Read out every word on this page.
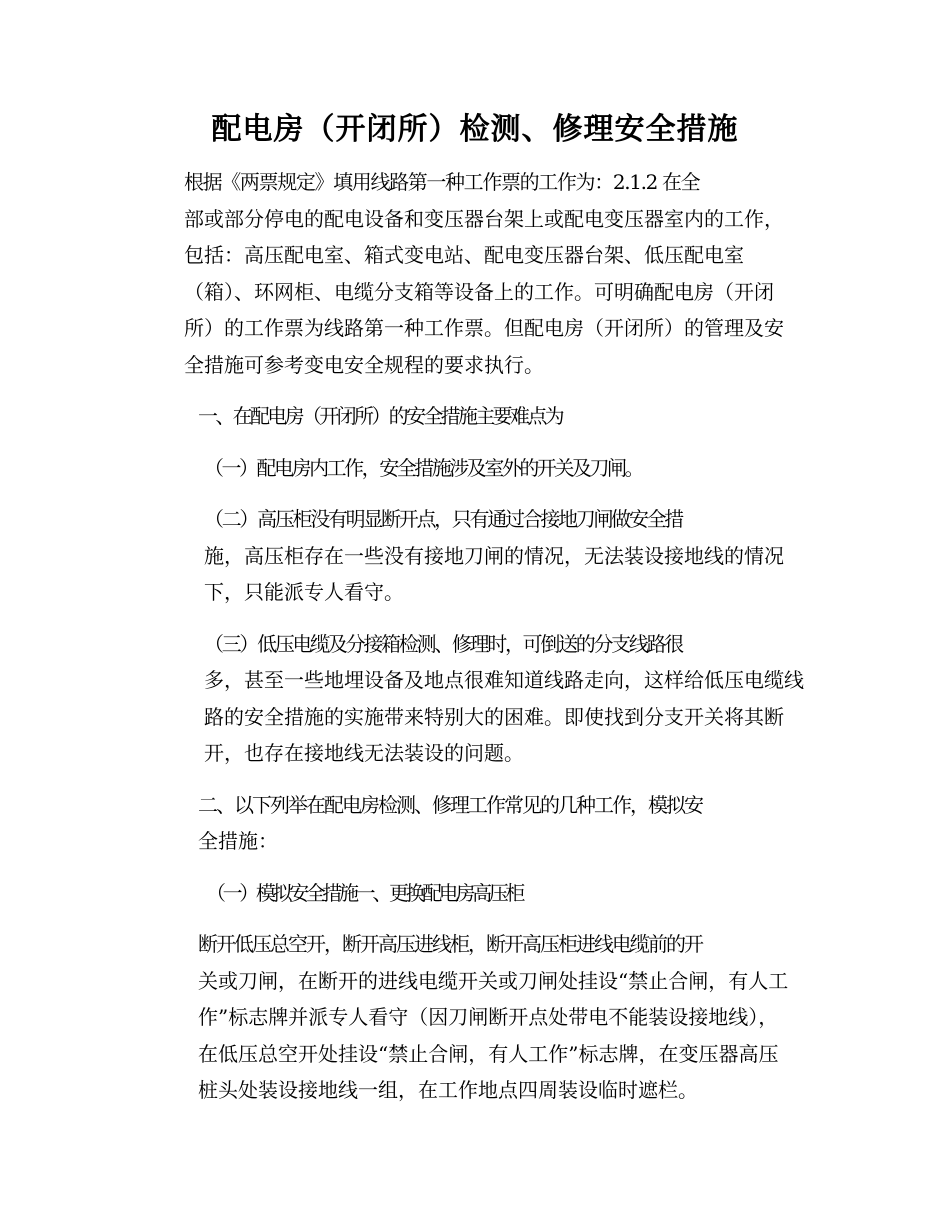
配电房（开闭所）检测、修理安全措施

根据《两票规定》填用线路第一种工作票的工作为：2.1.2 在全
部或部分停电的配电设备和变压器台架上或配电变压器室内的工作，
包括：高压配电室、箱式变电站、配电变压器台架、低压配电室
（箱）、环网柜、电缆分支箱等设备上的工作。可明确配电房（开闭
所）的工作票为线路第一种工作票。但配电房（开闭所）的管理及安
全措施可参考变电安全规程的要求执行。

一、在配电房（开闭所）的安全措施主要难点为

（一）配电房内工作，安全措施涉及室外的开关及刀闸。

（二）高压柜没有明显断开点，只有通过合接地刀闸做安全措
施，高压柜存在一些没有接地刀闸的情况，无法装设接地线的情况
下，只能派专人看守。

（三）低压电缆及分接箱检测、修理时，可倒送的分支线路很
多，甚至一些地埋设备及地点很难知道线路走向，这样给低压电缆线
路的安全措施的实施带来特别大的困难。即使找到分支开关将其断
开，也存在接地线无法装设的问题。

二、以下列举在配电房检测、修理工作常见的几种工作，模拟安
全措施：

（一）模拟安全措施一、更换配电房高压柜

断开低压总空开，断开高压进线柜，断开高压柜进线电缆前的开
关或刀闸，在断开的进线电缆开关或刀闸处挂设“禁止合闸，有人工
作”标志牌并派专人看守（因刀闸断开点处带电不能装设接地线），
在低压总空开处挂设“禁止合闸，有人工作”标志牌，在变压器高压
桩头处装设接地线一组，在工作地点四周装设临时遮栏。
